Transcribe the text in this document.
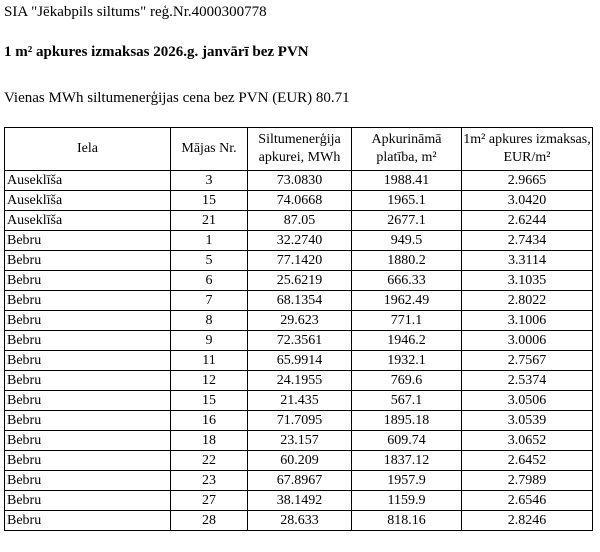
SIA "Jēkabpils siltums" reģ.Nr.4000300778
1 m² apkures izmaksas 2026.g. janvārī bez PVN
Vienas MWh siltumenerģijas cena bez PVN (EUR) 80.71
Iela	Mājas Nr.	Siltumenerģija apkurei, MWh	Apkurināmā platība, m²	1m² apkures izmaksas, EUR/m²
Auseklīša	3	73.0830	1988.41	2.9665
Auseklīša	15	74.0668	1965.1	3.0420
Auseklīša	21	87.05	2677.1	2.6244
Bebru	1	32.2740	949.5	2.7434
Bebru	5	77.1420	1880.2	3.3114
Bebru	6	25.6219	666.33	3.1035
Bebru	7	68.1354	1962.49	2.8022
Bebru	8	29.623	771.1	3.1006
Bebru	9	72.3561	1946.2	3.0006
Bebru	11	65.9914	1932.1	2.7567
Bebru	12	24.1955	769.6	2.5374
Bebru	15	21.435	567.1	3.0506
Bebru	16	71.7095	1895.18	3.0539
Bebru	18	23.157	609.74	3.0652
Bebru	22	60.209	1837.12	2.6452
Bebru	23	67.8967	1957.9	2.7989
Bebru	27	38.1492	1159.9	2.6546
Bebru	28	28.633	818.16	2.8246
